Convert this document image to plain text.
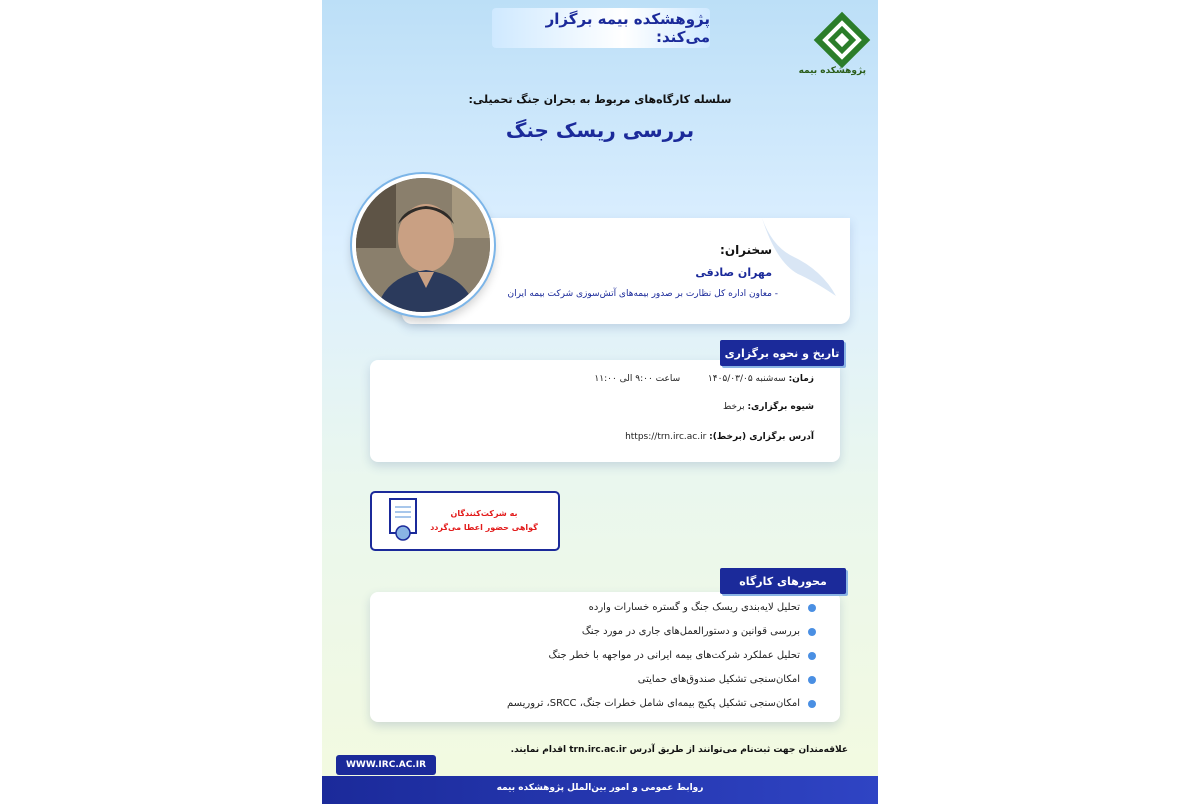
پژوهشکده بیمه برگزار می‌کند:
پژوهشکده بیمه
سلسله کارگاه‌های مربوط به بحران جنگ تحمیلی:
بررسی ریسک جنگ
سخنران:
مهران صادقی
- معاون اداره کل نظارت بر صدور بیمه‌های آتش‌سوزی شرکت بیمه ایران
زمان: سه‌شنبه ۱۴۰۵/۰۳/۰۵  ساعت ۹:۰۰ الی ۱۱:۰۰
شیوه برگزاری: برخط
آدرس برگزاری (برخط): https://trn.irc.ac.ir
تاریخ و نحوه برگزاری
به شرکت‌کنندگان
گواهی حضور اعطا می‌گردد
تحلیل لایه‌بندی ریسک جنگ و گستره خسارات وارده
بررسی قوانین و دستورالعمل‌های جاری در مورد جنگ
تحلیل عملکرد شرکت‌های بیمه ایرانی در مواجهه با خطر جنگ
امکان‌سنجی تشکیل صندوق‌های حمایتی
امکان‌سنجی تشکیل پکیج بیمه‌ای شامل خطرات جنگ، SRCC، تروریسم
محورهای کارگاه
علاقه‌مندان جهت ثبت‌نام می‌توانند از طریق آدرس trn.irc.ac.ir اقدام نمایند.
WWW.IRC.AC.IR
روابط عمومی و امور بین‌الملل پژوهشکده بیمه
